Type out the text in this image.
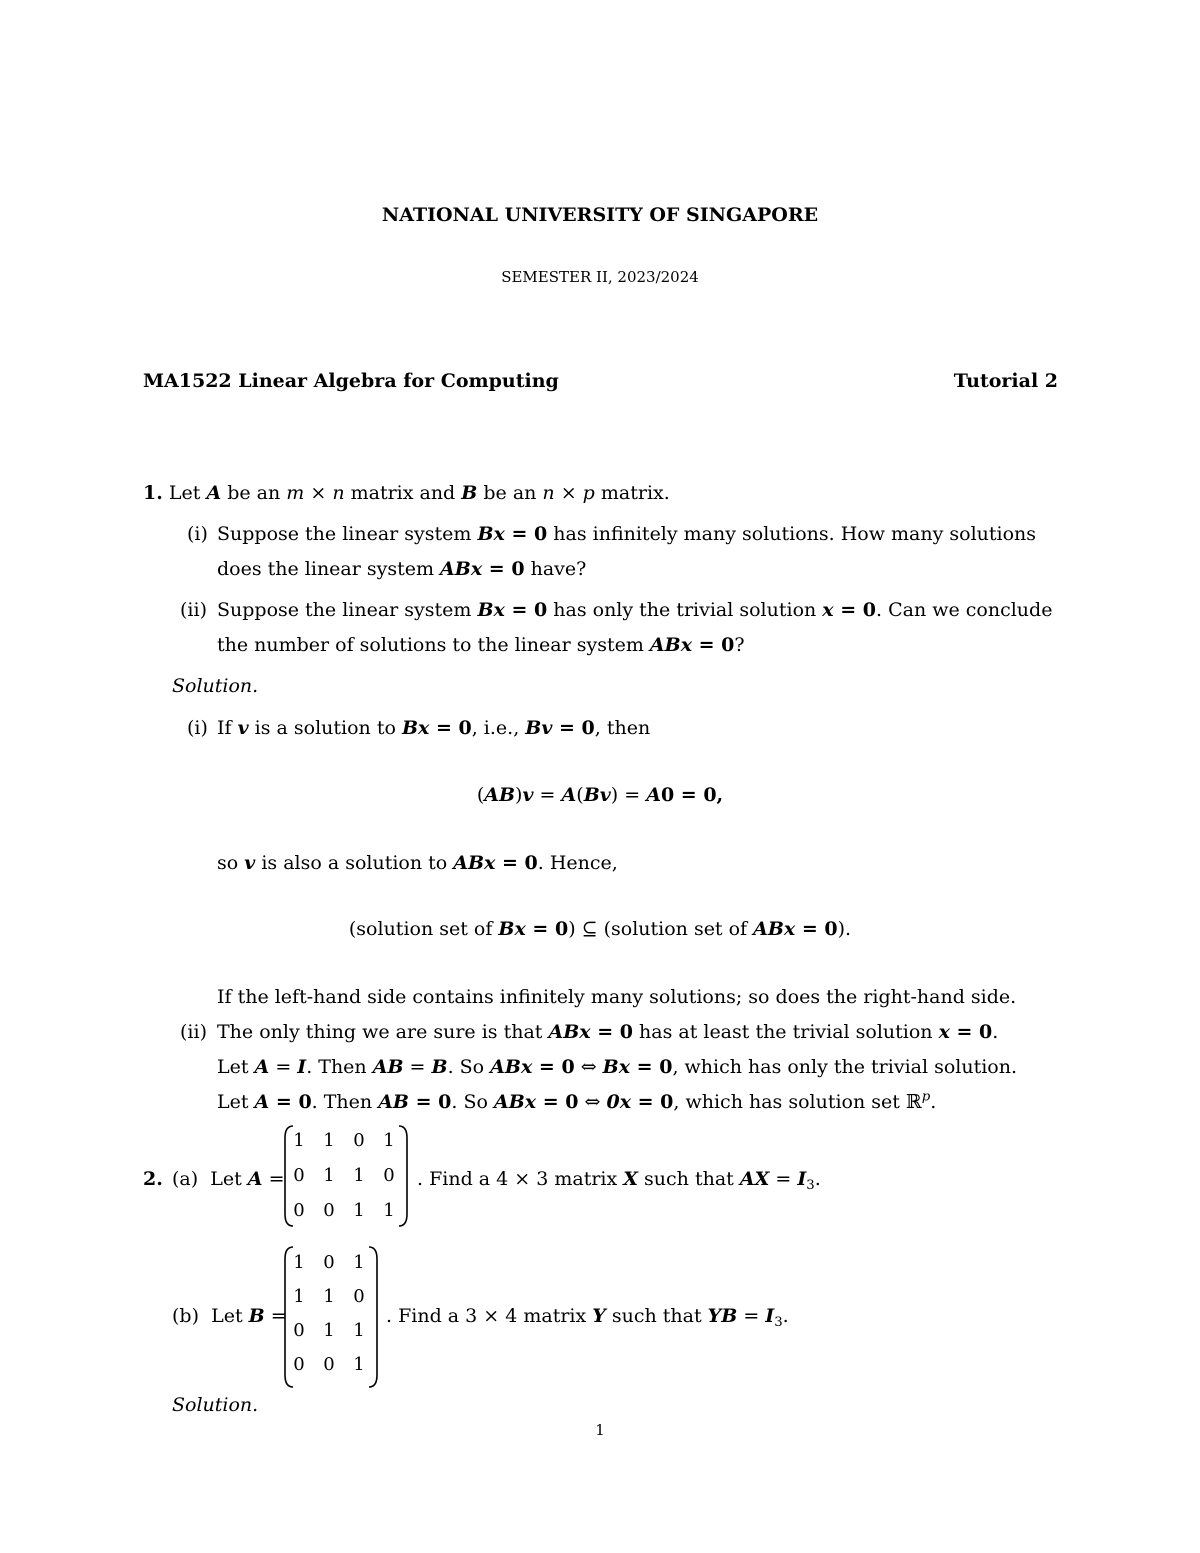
NATIONAL UNIVERSITY OF SINGAPORE
SEMESTER II, 2023/2024
MA1522 Linear Algebra for Computing	Tutorial 2
1. Let A be an m × n matrix and B be an n × p matrix.
(i) Suppose the linear system Bx = 0 has infinitely many solutions. How many solutions
does the linear system ABx = 0 have?
(ii) Suppose the linear system Bx = 0 has only the trivial solution x = 0. Can we conclude
the number of solutions to the linear system ABx = 0?
Solution.
(i) If v is a solution to Bx = 0, i.e., Bv = 0, then
(AB)v = A(Bv) = A0 = 0,
so v is also a solution to ABx = 0. Hence,
(solution set of Bx = 0) ⊆ (solution set of ABx = 0).
If the left-hand side contains infinitely many solutions; so does the right-hand side.
(ii) The only thing we are sure is that ABx = 0 has at least the trivial solution x = 0.
Let A = I. Then AB = B. So ABx = 0 ⇔ Bx = 0, which has only the trivial solution.
Let A = 0. Then AB = 0. So ABx = 0 ⇔ 0x = 0, which has solution set ℝ$^p$.
2. (a) Let A =
1	1	0	1
0	1	1	0
0	0	1	1
. Find a 4 × 3 matrix X such that AX = $I_3$.
(b) Let B =
1	0	1
1	1	0
0	1	1
0	0	1
. Find a 3 × 4 matrix Y such that YB = $I_3$.
Solution.
1
